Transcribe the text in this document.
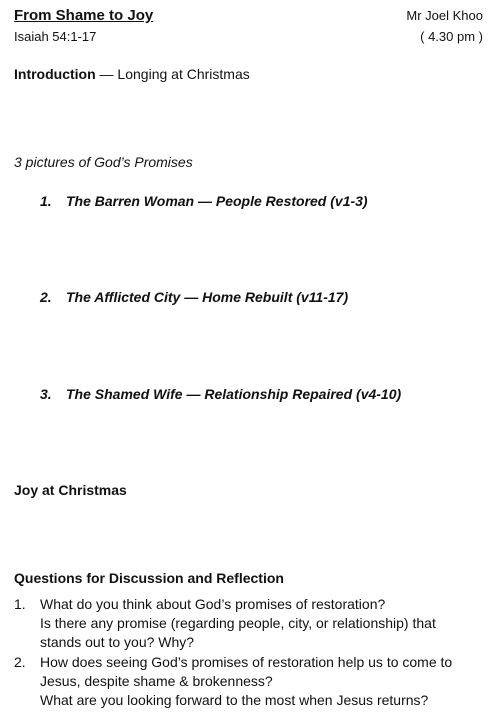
From Shame to Joy	Mr Joel Khoo
Isaiah 54:1-17	( 4.30 pm )
Introduction — Longing at Christmas
3 pictures of God’s Promises
1. The Barren Woman — People Restored (v1-3)
2. The Afflicted City — Home Rebuilt (v11-17)
3. The Shamed Wife — Relationship Repaired (v4-10)
Joy at Christmas
Questions for Discussion and Reflection
1.	What do you think about God’s promises of restoration?
Is there any promise (regarding people, city, or relationship) that
stands out to you? Why?
2.	How does seeing God’s promises of restoration help us to come to
Jesus, despite shame & brokenness?
What are you looking forward to the most when Jesus returns?
